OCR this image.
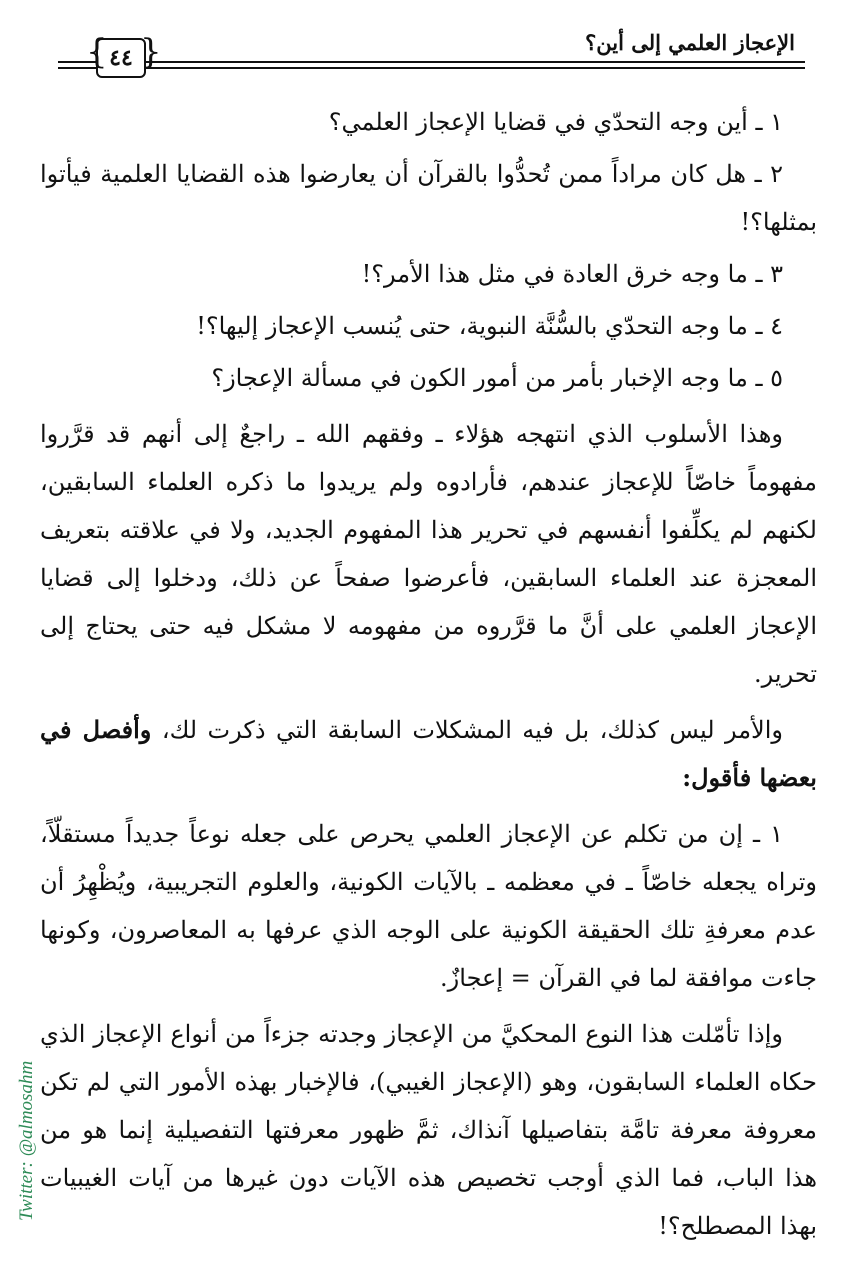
الإعجاز العلمي إلى أين؟
{ ٤٤ }

١ ـ أين وجه التحدّي في قضايا الإعجاز العلمي؟

٢ ـ هل كان مراداً ممن تُحدُّوا بالقرآن أن يعارضوا هذه القضايا العلمية فيأتوا بمثلها؟!

٣ ـ ما وجه خرق العادة في مثل هذا الأمر؟!

٤ ـ ما وجه التحدّي بالسُّنَّة النبوية، حتى يُنسب الإعجاز إليها؟!

٥ ـ ما وجه الإخبار بأمر من أمور الكون في مسألة الإعجاز؟

وهذا الأسلوب الذي انتهجه هؤلاء ـ وفقهم الله ـ راجعٌ إلى أنهم قد قرَّروا مفهوماً خاصّاً للإعجاز عندهم، فأرادوه ولم يريدوا ما ذكره العلماء السابقين، لكنهم لم يكلِّفوا أنفسهم في تحرير هذا المفهوم الجديد، ولا في علاقته بتعريف المعجزة عند العلماء السابقين، فأعرضوا صفحاً عن ذلك، ودخلوا إلى قضايا الإعجاز العلمي على أنَّ ما قرَّروه من مفهومه لا مشكل فيه حتى يحتاج إلى تحرير.

والأمر ليس كذلك، بل فيه المشكلات السابقة التي ذكرت لك، وأفصل في بعضها فأقول:

١ ـ إن من تكلم عن الإعجاز العلمي يحرص على جعله نوعاً جديداً مستقلّاً، وتراه يجعله خاصّاً ـ في معظمه ـ بالآيات الكونية، والعلوم التجريبية، ويُظْهِرُ أن عدم معرفةِ تلك الحقيقة الكونية على الوجه الذي عرفها به المعاصرون، وكونها جاءت موافقة لما في القرآن = إعجازٌ.

وإذا تأمّلت هذا النوع المحكيَّ من الإعجاز وجدته جزءاً من أنواع الإعجاز الذي حكاه العلماء السابقون، وهو (الإعجاز الغيبي)، فالإخبار بهذه الأمور التي لم تكن معروفة معرفة تامَّة بتفاصيلها آنذاك، ثمَّ ظهور معرفتها التفصيلية إنما هو من هذا الباب، فما الذي أوجب تخصيص هذه الآيات دون غيرها من آيات الغيبيات بهذا المصطلح؟!

Twitter: @almosahm
